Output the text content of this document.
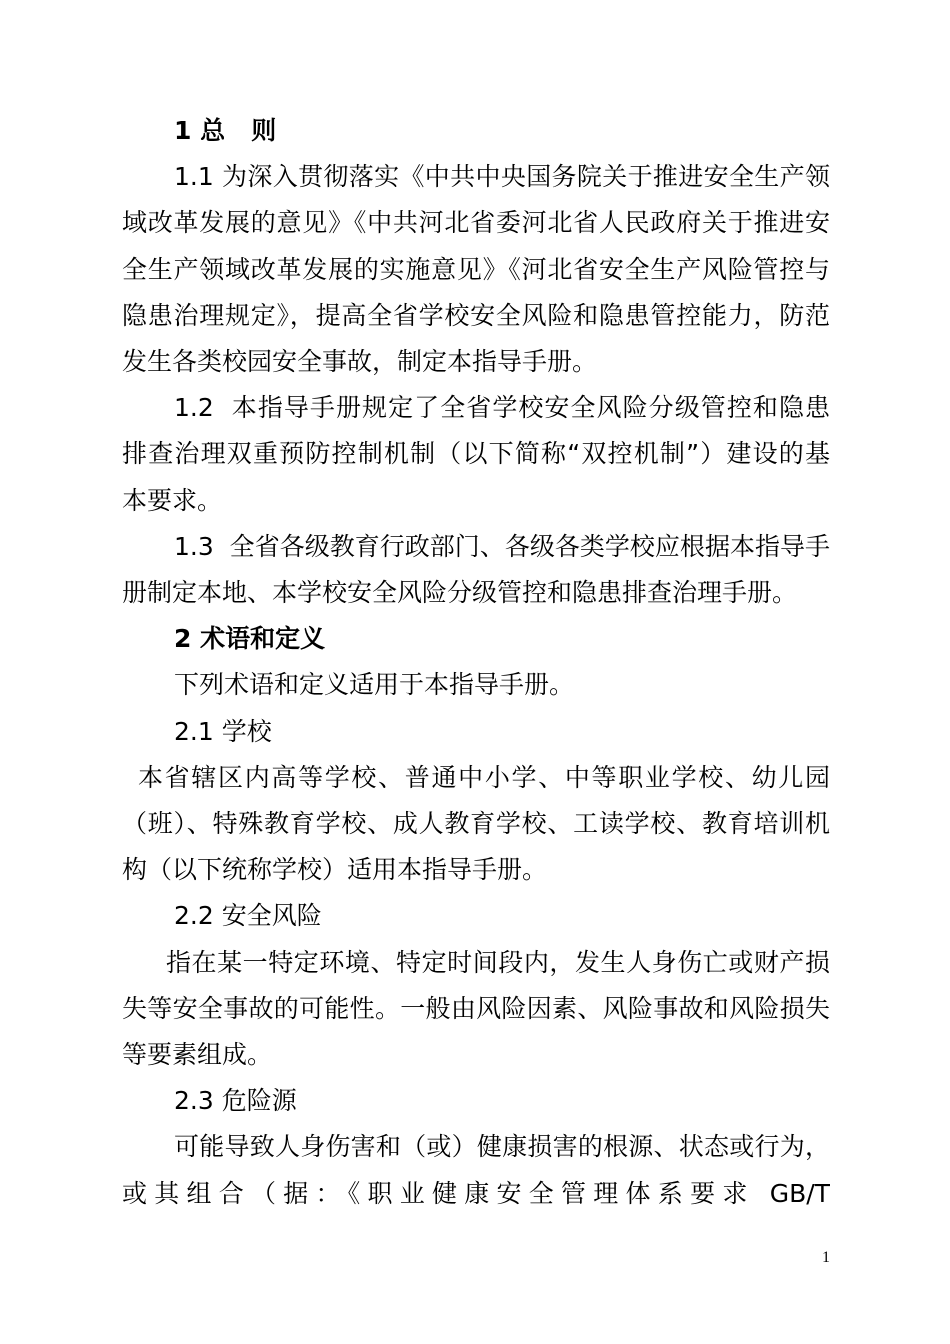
1 总   则
1.1 为深入贯彻落实《中共中央国务院关于推进安全生产领
域改革发展的意见》《中共河北省委河北省人民政府关于推进安
全生产领域改革发展的实施意见》《河北省安全生产风险管控与
隐患治理规定》，提高全省学校安全风险和隐患管控能力，防范
发生各类校园安全事故，制定本指导手册。
1.2  本指导手册规定了全省学校安全风险分级管控和隐患
排查治理双重预防控制机制（以下简称“双控机制”）建设的基
本要求。
1.3  全省各级教育行政部门、各级各类学校应根据本指导手
册制定本地、本学校安全风险分级管控和隐患排查治理手册。
2 术语和定义
下列术语和定义适用于本指导手册。
2.1 学校
本省辖区内高等学校、普通中小学、中等职业学校、幼儿园
（班）、特殊教育学校、成人教育学校、工读学校、教育培训机
构（以下统称学校）适用本指导手册。
2.2 安全风险
指在某一特定环境、特定时间段内，发生人身伤亡或财产损
失等安全事故的可能性。一般由风险因素、风险事故和风险损失
等要素组成。
2.3 危险源
可能导致人身伤害和（或）健康损害的根源、状态或行为，
或其组合（据：《职业健康安全管理体系要求 GB/T
1
